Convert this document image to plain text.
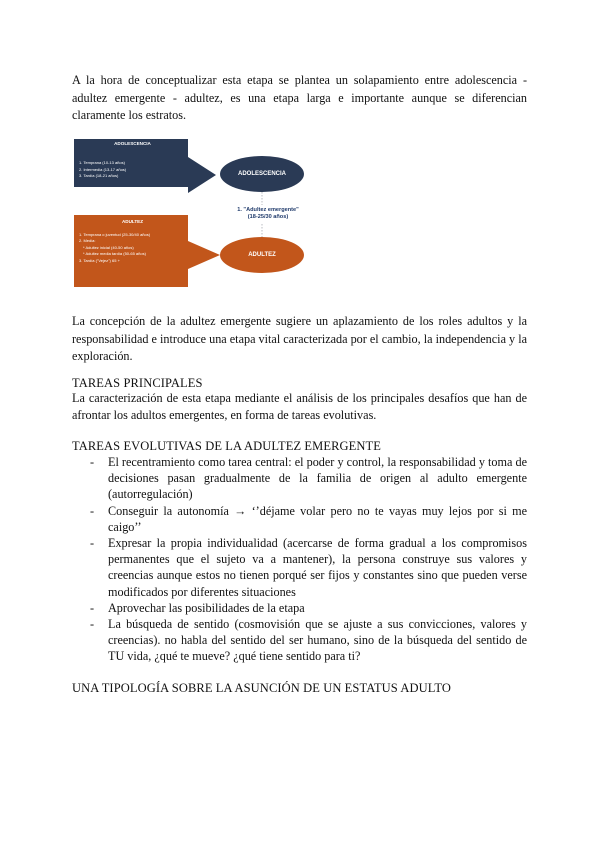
A la hora de conceptualizar esta etapa se plantea un solapamiento entre adolescencia - adultez emergente - adultez, es una etapa larga e importante aunque se diferencian claramente los estratos.

ADOLESCENCIA
1. Temprana (10-13 años)
2. Intermedia (13-17 años)
3. Tardía (18-21 años)
ADULTEZ
1. Temprana o juventud (25-30/40 años)
2. Media:
* Adultez inicial (40-50 años)
* Adultez media tardía (50-65 años)
3. Tardía ("Vejez") 65 +
ADOLESCENCIA
ADULTEZ
1. "Adultez emergente"
(18-25/30 años)

La concepción de la adultez emergente sugiere un aplazamiento de los roles adultos y la responsabilidad e introduce una etapa vital caracterizada por el cambio, la independencia y la exploración.

TAREAS PRINCIPALES

La caracterización de esta etapa mediante el análisis de los principales desafíos que han de afrontar los adultos emergentes, en forma de tareas evolutivas.

TAREAS EVOLUTIVAS DE LA ADULTEZ EMERGENTE
- El recentramiento como tarea central: el poder y control, la responsabilidad y toma de decisiones pasan gradualmente de la familia de origen al adulto emergente (autorregulación)
- Conseguir la autonomía → ‘’déjame volar pero no te vayas muy lejos por si me caigo’’
- Expresar la propia individualidad (acercarse de forma gradual a los compromisos permanentes que el sujeto va a mantener), la persona construye sus valores y creencias aunque estos no tienen porqué ser fijos y constantes sino que pueden verse modificados por diferentes situaciones
- Aprovechar las posibilidades de la etapa
- La búsqueda de sentido (cosmovisión que se ajuste a sus convicciones, valores y creencias). no habla del sentido del ser humano, sino de la búsqueda del sentido de TU vida, ¿qué te mueve? ¿qué tiene sentido para ti?
UNA TIPOLOGÍA SOBRE LA ASUNCIÓN DE UN ESTATUS ADULTO
